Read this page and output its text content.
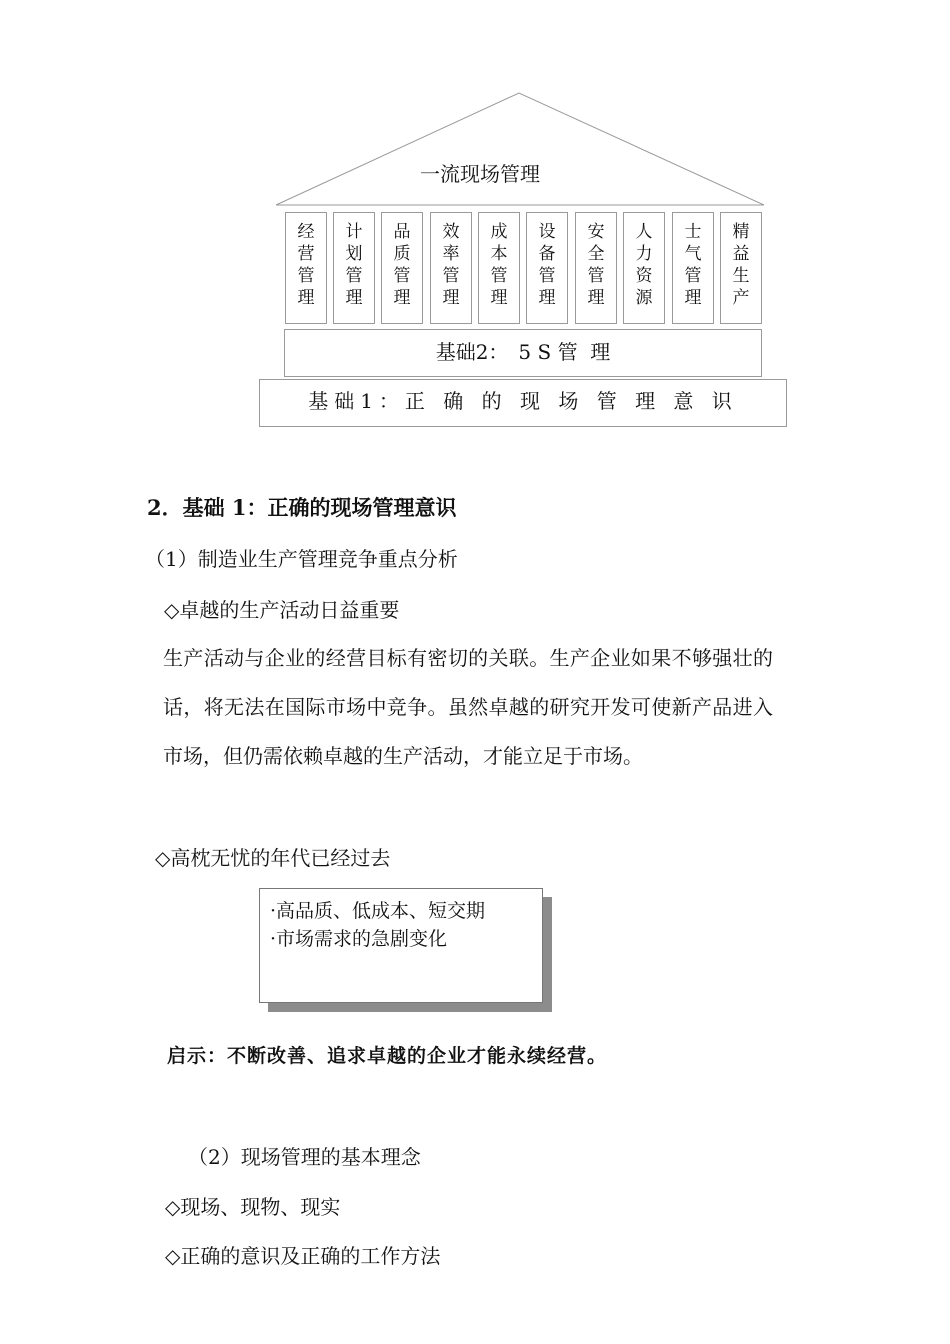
一流现场管理
经营管理
计划管理
品质管理
效率管理
成本管理
设备管理
安全管理
人力资源
士气管理
精益生产
基础2：　5 S 管  理
基础1：正 确 的 现 场 管 理 意 识
2．基础 1：正确的现场管理意识
（1）制造业生产管理竞争重点分析
◇卓越的生产活动日益重要
生产活动与企业的经营目标有密切的关联。生产企业如果不够强壮的话，将无法在国际市场中竞争。虽然卓越的研究开发可使新产品进入市场，但仍需依赖卓越的生产活动，才能立足于市场。
◇高枕无忧的年代已经过去
·高品质、低成本、短交期
·市场需求的急剧变化
启示：不断改善、追求卓越的企业才能永续经营。
（2）现场管理的基本理念
◇现场、现物、现实
◇正确的意识及正确的工作方法
